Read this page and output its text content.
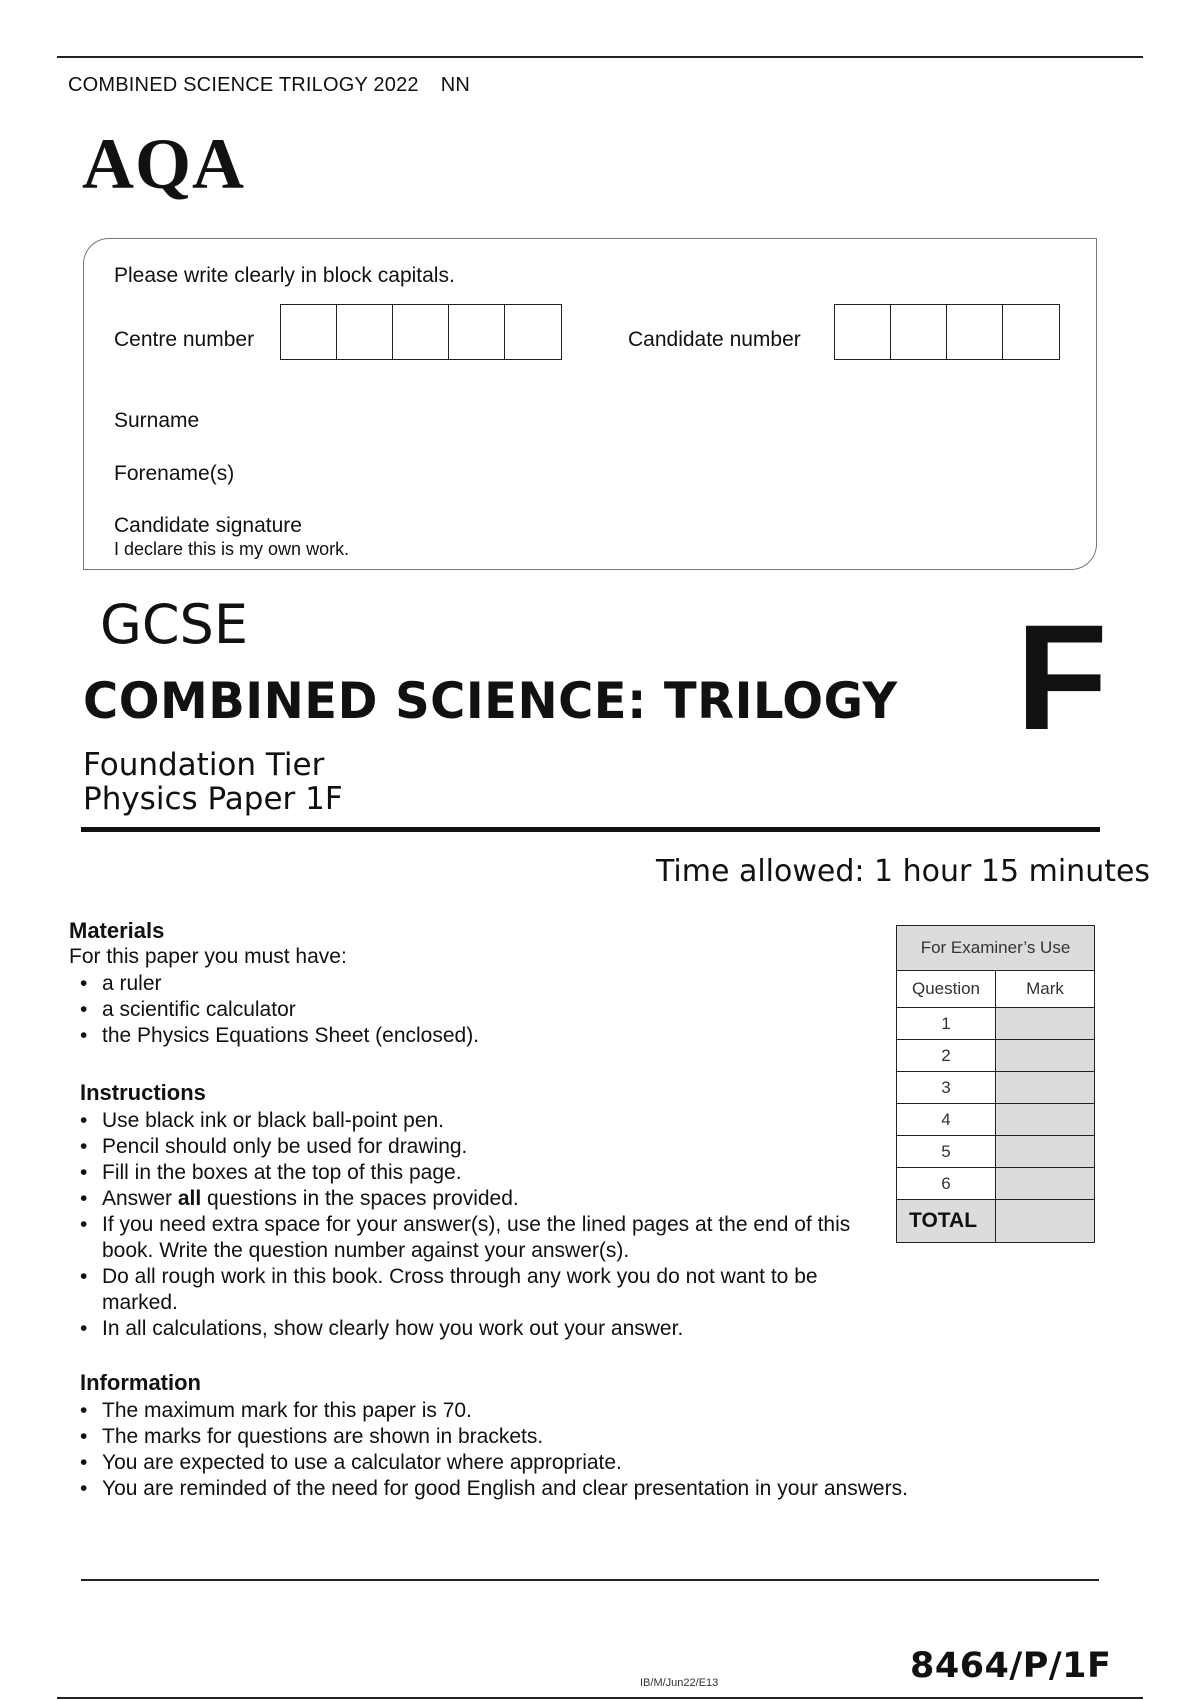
COMBINED SCIENCE TRILOGY 2022 NN
AQA
Please write clearly in block capitals.
Centre number	Candidate number
Surname
Forename(s)
Candidate signature
I declare this is my own work.
GCSE
COMBINED SCIENCE: TRILOGY F
Foundation Tier
Physics Paper 1F
Time allowed: 1 hour 15 minutes
Materials
For this paper you must have:
• a ruler
• a scientific calculator
• the Physics Equations Sheet (enclosed).
Instructions
• Use black ink or black ball-point pen.
• Pencil should only be used for drawing.
• Fill in the boxes at the top of this page.
• Answer all questions in the spaces provided.
• If you need extra space for your answer(s), use the lined pages at the end of this book. Write the question number against your answer(s).
• Do all rough work in this book. Cross through any work you do not want to be marked.
• In all calculations, show clearly how you work out your answer.
Information
• The maximum mark for this paper is 70.
• The marks for questions are shown in brackets.
• You are expected to use a calculator where appropriate.
• You are reminded of the need for good English and clear presentation in your answers.
For Examiner’s Use	
Question	Mark
1	
2	
3	
4	
5	
6	
TOTAL	
IB/M/Jun22/E13	8464/P/1F
